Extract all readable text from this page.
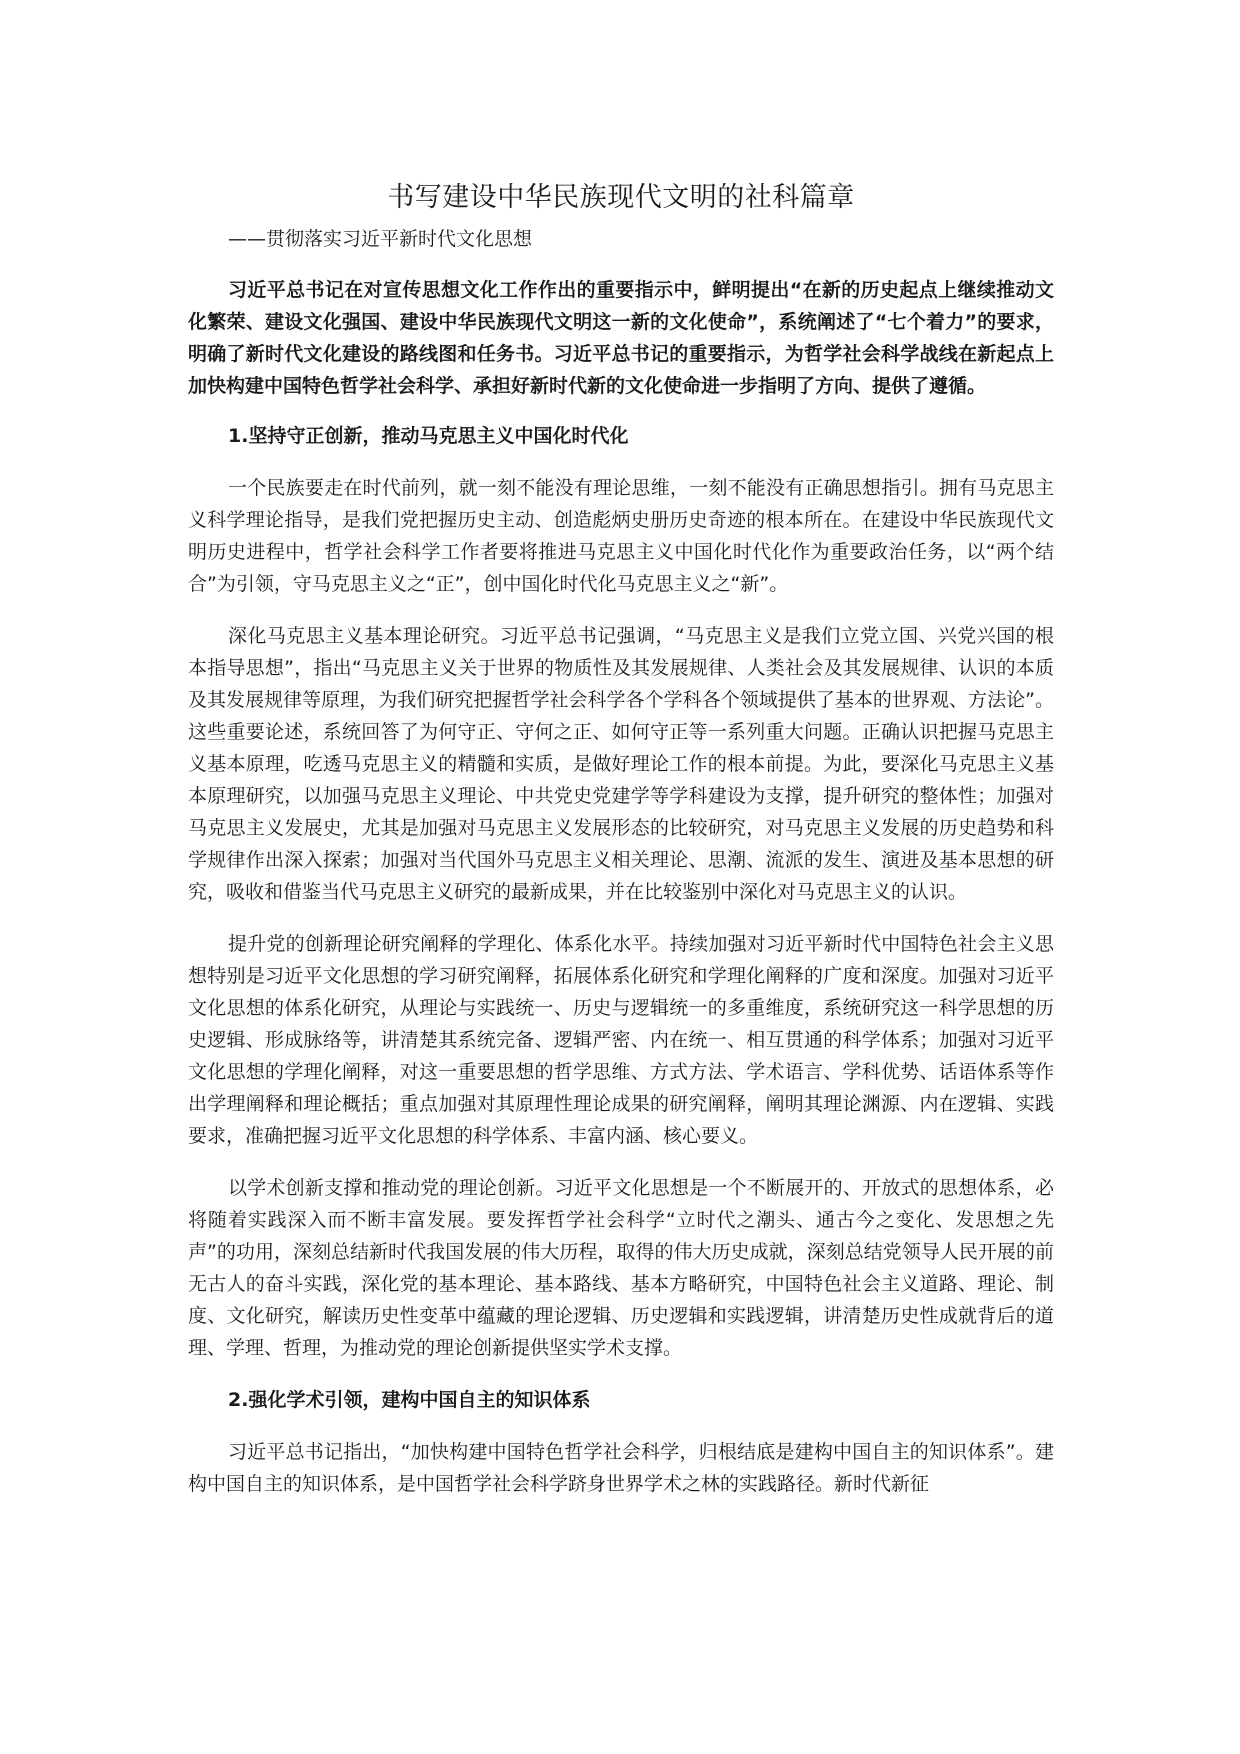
书写建设中华民族现代文明的社科篇章
——贯彻落实习近平新时代文化思想

习近平总书记在对宣传思想文化工作作出的重要指示中，鲜明提出“在新的历史起点上继续推动文化繁荣、建设文化强国、建设中华民族现代文明这一新的文化使命”，系统阐述了“七个着力”的要求，明确了新时代文化建设的路线图和任务书。习近平总书记的重要指示，为哲学社会科学战线在新起点上加快构建中国特色哲学社会科学、承担好新时代新的文化使命进一步指明了方向、提供了遵循。

1.坚持守正创新，推动马克思主义中国化时代化

一个民族要走在时代前列，就一刻不能没有理论思维，一刻不能没有正确思想指引。拥有马克思主义科学理论指导，是我们党把握历史主动、创造彪炳史册历史奇迹的根本所在。在建设中华民族现代文明历史进程中，哲学社会科学工作者要将推进马克思主义中国化时代化作为重要政治任务，以“两个结合”为引领，守马克思主义之“正”，创中国化时代化马克思主义之“新”。

深化马克思主义基本理论研究。习近平总书记强调，“马克思主义是我们立党立国、兴党兴国的根本指导思想”，指出“马克思主义关于世界的物质性及其发展规律、人类社会及其发展规律、认识的本质及其发展规律等原理，为我们研究把握哲学社会科学各个学科各个领域提供了基本的世界观、方法论”。这些重要论述，系统回答了为何守正、守何之正、如何守正等一系列重大问题。正确认识把握马克思主义基本原理，吃透马克思主义的精髓和实质，是做好理论工作的根本前提。为此，要深化马克思主义基本原理研究，以加强马克思主义理论、中共党史党建学等学科建设为支撑，提升研究的整体性；加强对马克思主义发展史，尤其是加强对马克思主义发展形态的比较研究，对马克思主义发展的历史趋势和科学规律作出深入探索；加强对当代国外马克思主义相关理论、思潮、流派的发生、演进及基本思想的研究，吸收和借鉴当代马克思主义研究的最新成果，并在比较鉴别中深化对马克思主义的认识。

提升党的创新理论研究阐释的学理化、体系化水平。持续加强对习近平新时代中国特色社会主义思想特别是习近平文化思想的学习研究阐释，拓展体系化研究和学理化阐释的广度和深度。加强对习近平文化思想的体系化研究，从理论与实践统一、历史与逻辑统一的多重维度，系统研究这一科学思想的历史逻辑、形成脉络等，讲清楚其系统完备、逻辑严密、内在统一、相互贯通的科学体系；加强对习近平文化思想的学理化阐释，对这一重要思想的哲学思维、方式方法、学术语言、学科优势、话语体系等作出学理阐释和理论概括；重点加强对其原理性理论成果的研究阐释，阐明其理论渊源、内在逻辑、实践要求，准确把握习近平文化思想的科学体系、丰富内涵、核心要义。

以学术创新支撑和推动党的理论创新。习近平文化思想是一个不断展开的、开放式的思想体系，必将随着实践深入而不断丰富发展。要发挥哲学社会科学“立时代之潮头、通古今之变化、发思想之先声”的功用，深刻总结新时代我国发展的伟大历程，取得的伟大历史成就，深刻总结党领导人民开展的前无古人的奋斗实践，深化党的基本理论、基本路线、基本方略研究，中国特色社会主义道路、理论、制度、文化研究，解读历史性变革中蕴藏的理论逻辑、历史逻辑和实践逻辑，讲清楚历史性成就背后的道理、学理、哲理，为推动党的理论创新提供坚实学术支撑。

2.强化学术引领，建构中国自主的知识体系

习近平总书记指出，“加快构建中国特色哲学社会科学，归根结底是建构中国自主的知识体系”。建构中国自主的知识体系，是中国哲学社会科学跻身世界学术之林的实践路径。新时代新征
